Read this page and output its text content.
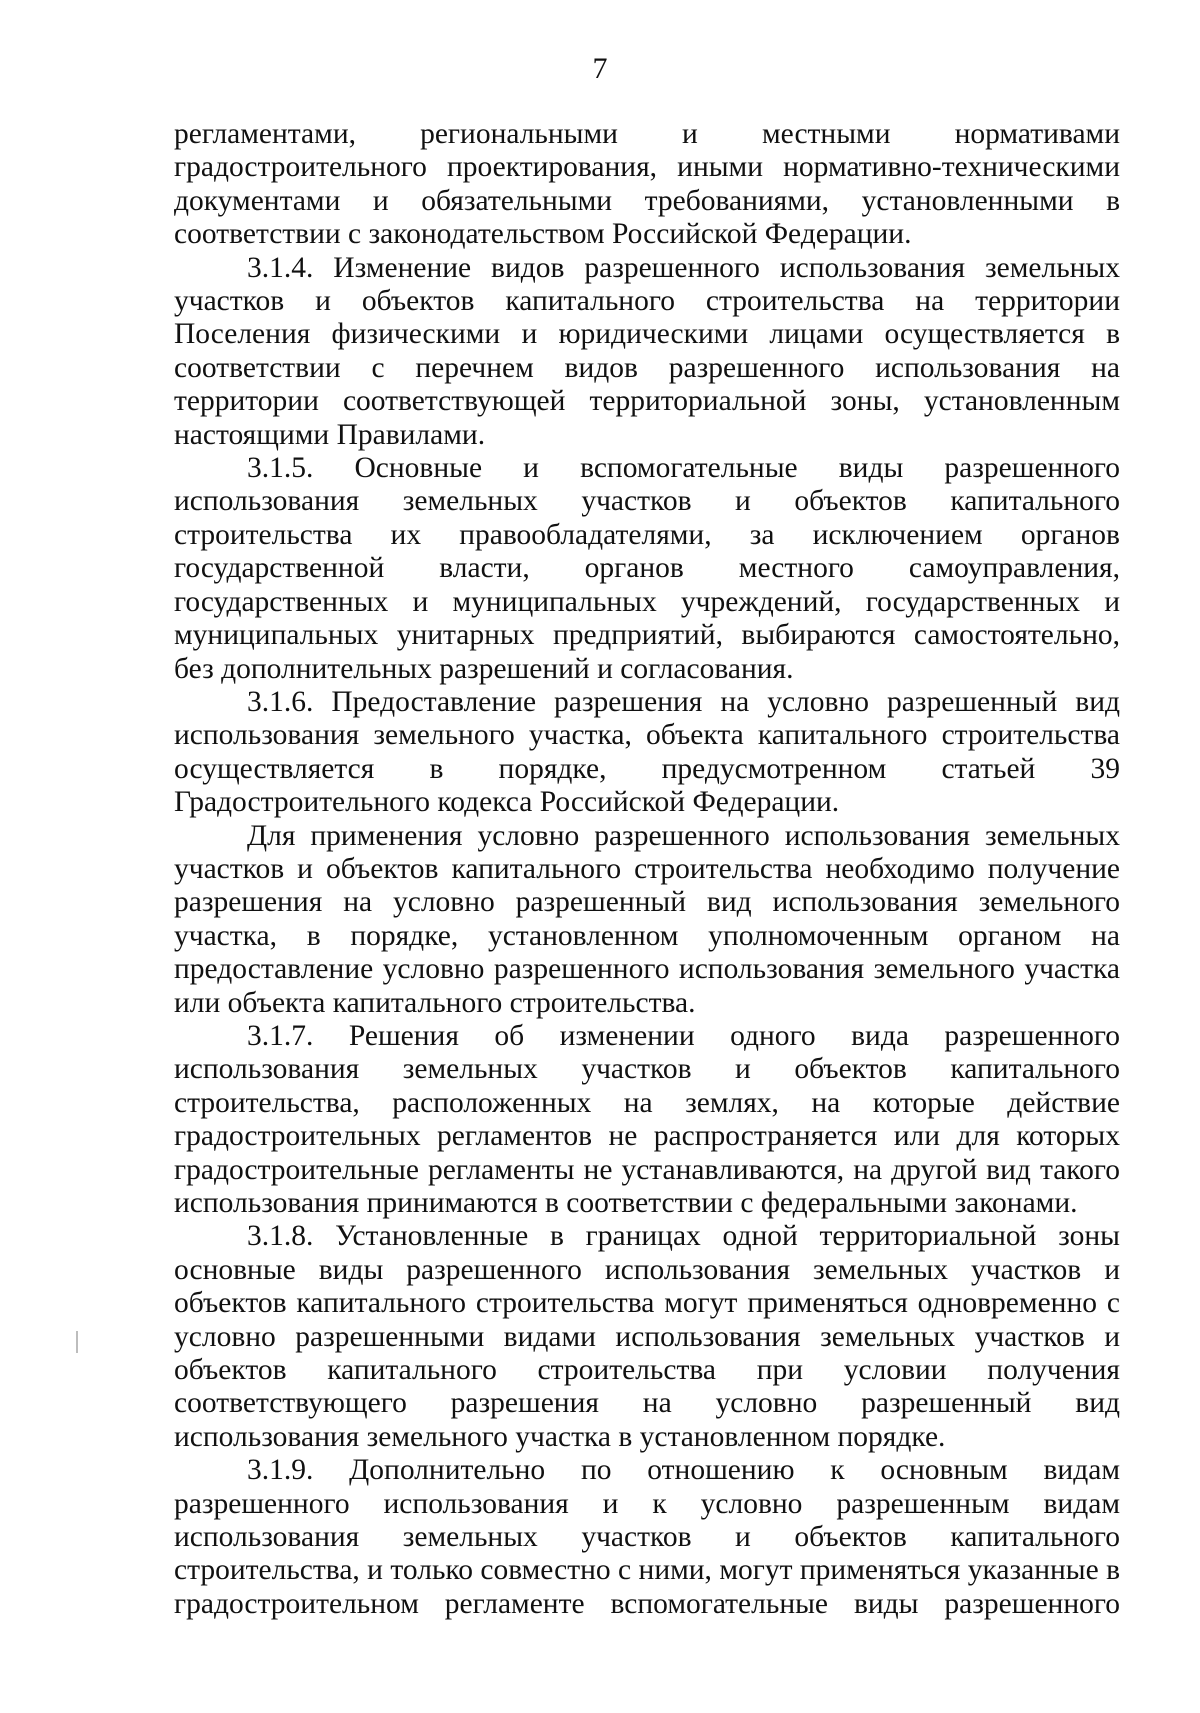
7

регламентами, региональными и местными нормативами градостроительного проектирования, иными нормативно-техническими документами и обязательными требованиями, установленными в соответствии с законодательством Российской Федерации.

3.1.4. Изменение видов разрешенного использования земельных участков и объектов капитального строительства на территории Поселения физическими и юридическими лицами осуществляется в соответствии с перечнем видов разрешенного использования на территории соответствующей территориальной зоны, установленным настоящими Правилами.

3.1.5. Основные и вспомогательные виды разрешенного использования земельных участков и объектов капитального строительства их правообладателями, за исключением органов государственной власти, органов местного самоуправления, государственных и муниципальных учреждений, государственных и муниципальных унитарных предприятий, выбираются самостоятельно, без дополнительных разрешений и согласования.

3.1.6. Предоставление разрешения на условно разрешенный вид использования земельного участка, объекта капитального строительства осуществляется в порядке, предусмотренном статьей 39 Градостроительного кодекса Российской Федерации.

Для применения условно разрешенного использования земельных участков и объектов капитального строительства необходимо получение разрешения на условно разрешенный вид использования земельного участка, в порядке, установленном уполномоченным органом на предоставление условно разрешенного использования земельного участка или объекта капитального строительства.

3.1.7. Решения об изменении одного вида разрешенного использования земельных участков и объектов капитального строительства, расположенных на землях, на которые действие градостроительных регламентов не распространяется или для которых градостроительные регламенты не устанавливаются, на другой вид такого использования принимаются в соответствии с федеральными законами.

3.1.8. Установленные в границах одной территориальной зоны основные виды разрешенного использования земельных участков и объектов капитального строительства могут применяться одновременно с условно разрешенными видами использования земельных участков и объектов капитального строительства при условии получения соответствующего разрешения на условно разрешенный вид использования земельного участка в установленном порядке.

3.1.9. Дополнительно по отношению к основным видам разрешенного использования и к условно разрешенным видам использования земельных участков и объектов капитального строительства, и только совместно с ними, могут применяться указанные в градостроительном регламенте вспомогательные виды разрешенного
